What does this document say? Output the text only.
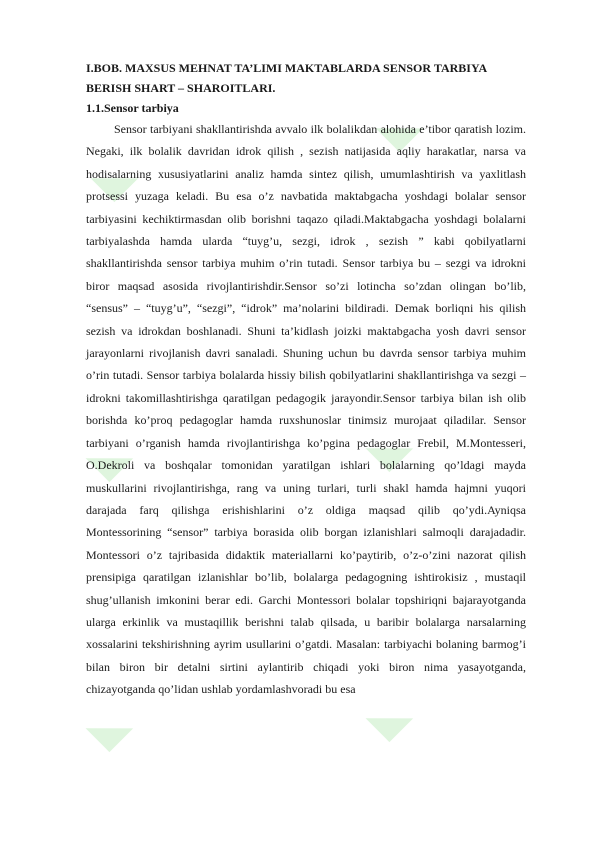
◣
◣
◣	◣
◣	◣
I.BOB. MAXSUS MEHNAT TA’LIMI MAKTABLARDA SENSOR TARBIYA BERISH SHART – SHAROITLARI.
1.1.Sensor tarbiya

Sensor tarbiyani shakllantirishda avvalo ilk bolalikdan alohida e’tibor qaratish lozim. Negaki, ilk bolalik davridan idrok qilish , sezish natijasida aqliy harakatlar, narsa va hodisalarning xususiyatlarini analiz hamda sintez qilish, umumlashtirish va yaxlitlash protsessi yuzaga keladi. Bu esa o’z navbatida maktabgacha yoshdagi bolalar sensor tarbiyasini kechiktirmasdan olib borishni taqazo qiladi.Maktabgacha yoshdagi bolalarni tarbiyalashda hamda ularda “tuyg’u, sezgi, idrok , sezish ” kabi qobilyatlarni shakllantirishda sensor tarbiya muhim o’rin tutadi. Sensor tarbiya bu – sezgi va idrokni biror maqsad asosida rivojlantirishdir.Sensor so’zi lotincha so’zdan olingan bo’lib, “sensus” – “tuyg’u”, “sezgi”, “idrok” ma’nolarini bildiradi. Demak borliqni his qilish sezish va idrokdan boshlanadi. Shuni ta’kidlash joizki maktabgacha yosh davri sensor jarayonlarni rivojlanish davri sanaladi. Shuning uchun bu davrda sensor tarbiya muhim o’rin tutadi. Sensor tarbiya bolalarda hissiy bilish qobilyatlarini shakllantirishga va sezgi –idrokni takomillashtirishga qaratilgan pedagogik jarayondir.Sensor tarbiya bilan ish olib borishda ko’proq pedagoglar hamda ruxshunoslar tinimsiz murojaat qiladilar. Sensor tarbiyani o’rganish hamda rivojlantirishga ko’pgina pedagoglar Frebil, M.Montesseri, O.Dekroli va boshqalar tomonidan yaratilgan ishlari bolalarning qo’ldagi mayda muskullarini rivojlantirishga, rang va uning turlari, turli shakl hamda hajmni yuqori darajada farq qilishga erishishlarini o’z oldiga maqsad qilib qo’ydi.Ayniqsa Montessorining “sensor” tarbiya borasida olib borgan izlanishlari salmoqli darajadadir. Montessori o’z tajribasida didaktik materiallarni ko’paytirib, o’z-o’zini nazorat qilish prensipiga qaratilgan izlanishlar bo’lib, bolalarga pedagogning ishtirokisiz , mustaqil shug’ullanish imkonini berar edi. Garchi Montessori bolalar topshiriqni bajarayotganda ularga erkinlik va mustaqillik berishni talab qilsada, u baribir bolalarga narsalarning xossalarini tekshirishning ayrim usullarini o’gatdi. Masalan: tarbiyachi bolaning barmog’i bilan biron bir detalni sirtini aylantirib chiqadi yoki biron nima yasayotganda, chizayotganda qo’lidan ushlab yordamlashvoradi bu esa
